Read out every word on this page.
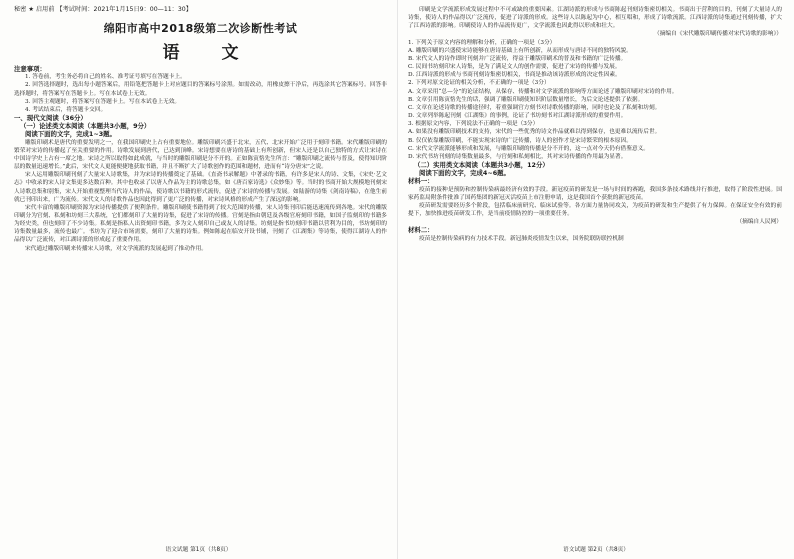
秘密 ★ 启用前 【考试时间：2021年1月15日9：00—11：30】
绵阳市高中2018级第二次诊断性考试
语 文
注意事项：

1. 答卷前，考生务必将自己的姓名、准考证号填写在答题卡上。

2. 回答选择题时，选出每小题答案后，用铅笔把答题卡上对应题目的答案标号涂黑。如需改动，用橡皮擦干净后，再选涂其它答案标号。回答非选择题时，将答案写在答题卡上。写在本试卷上无效。

3. 回答主观题时，将答案写在答题卡上。写在本试卷上无效。

4. 考试结束后，将答题卡交回。

一、现代文阅读（36分）
（一）论述类文本阅读（本题共3小题，9分）
阅读下面的文字，完成1~3题。

雕版印刷术是唐代的重要发明之一，在我国印刷史上占有重要地位。雕版印刷兴盛于北宋，五代、北宋开始广泛用于刻印书籍。宋代雕版印刷的繁荣对宋诗的传播起了至关重要的作用。诗歌发展到唐代，已达到顶峰。宋诗想要在唐诗的基础上有所创新，但宋人还是以自己独特的方式让宋诗在中国诗学史上占有一席之地。宋诗之所以取得如此成就，与当时的雕版印刷是分不开的。正如陈寅恪先生所言：“雕版印刷之流传与普及，使得知识阶层的数量迅速增长。”此后，宋代文人更能便捷地获取书籍，并且不断扩大了诗歌创作的范围和题材，进而有“诗分唐宋”之说。

宋人运用雕版印刷刊刻了大量宋人诗歌集，并为宋诗的传播奠定了基础。《直斋书录解题》中著录的书籍，有许多是宋人的诗、文集，《宋史·艺文志》中收录的宋人诗文集更多达数百种。其中也收录了以唐人作品为主的诗歌总集，如《唐百家诗选》《众妙集》等。当时的书商开始大规模地刊刻宋人诗歌总集和别集，宋人开始重视整理当代诗人的作品，使诗歌以书籍的形式流传，促进了宋诗的传播与发展。如陆游的诗集《剑南诗稿》，在他生前就已刊印出来，广为流传。宋代文人的诗歌作品也因此得到了更广泛的传播，对宋诗风格的形成产生了深远的影响。

宋代丰富的雕版印刷资源为宋诗传播提供了便利条件。雕版印刷使书籍得到了较大范围的传播，宋人诗集刊印后能迅速流传到各地。宋代的雕版印刷分为官刻、私刻和坊刻三大系统，它们都刻印了大量的诗集，促进了宋诗的传播。官刻是指由朝廷及各级官府刻印书籍，如国子监刻印的书籍多为经史类，但也刻印了不少诗集。私刻是指私人出资刻印书籍，多为文人刻印自己或友人的诗集。坊刻是指书坊刻印书籍以营利为目的，书坊刻印的诗集数量最多，流传也最广。书坊为了迎合市场需要，刻印了大量的诗集。例如陈起在临安开设书铺，刊刻了《江湖集》等诗集，使得江湖诗人的作品得以广泛流传，对江湖诗派的形成起了重要作用。

宋代通过雕版印刷来传播宋人诗歌，对文学流派的发展起到了推动作用。

语文试题 第1页（共8页）

印刷是文学流派形成发展过程中不可或缺的重要因素。江湖诗派的形成与书商陈起刊刻诗集密切相关。书商出于营利的目的，刊刻了大量诗人的诗集，使诗人的作品得以广泛流传，促进了诗派的形成。这些诗人以陈起为中心，相互唱和，形成了诗歌流派。江西诗派的诗集通过刊刻传播，扩大了江西诗派的影响。印刷使诗人的作品流传更广，文学流派也因此得以形成和壮大。

（摘编自《宋代雕版印刷传播对宋代诗歌的影响》）

1. 下列关于原文内容的理解和分析，正确的一项是（3分）

A. 雕版印刷的兴盛使宋诗能够在唐诗基础上有所创新，从而形成与唐诗不同的独特风貌。

B. 宋代文人的诗作即时刊刻并广泛流传，得益于雕版印刷术的普及和书籍的广泛传播。

C. 民间书坊刻印宋人诗集，是为了满足文人的创作需要，促进了宋诗的传播与发展。

D. 江西诗派的形成与书商刊刻诗集密切相关，书商是推动该诗派形成的决定性因素。

2. 下列对原文论证的相关分析，不正确的一项是（3分）

A. 文章采用“总—分”的论证结构，从保存、传播和对文学流派的影响等方面论述了雕版印刷对宋诗的作用。

B. 文章引用陈寅恪先生的话，强调了雕版印刷使知识阶层数量增长，为后文论述提供了依据。

C. 文章在论述诗歌的传播途径时，着重强调官方刻书对诗歌传播的影响，同时也论及了私刻和坊刻。

D. 文章列举陈起刊刻《江湖集》的事例，论证了书坊刻书对江湖诗派形成的重要作用。

3. 根据原文内容，下列说法不正确的一项是（3分）

A. 如果没有雕版印刷技术的支持，宋代的一些优秀的诗文作品就难以得到保存，也更难以流传后世。

B. 仅仅依靠雕版印刷，不能实现宋诗的广泛传播，诗人的创作才是宋诗繁荣的根本原因。

C. 宋代文学流派能够形成和发展，与雕版印刷的传播是分不开的，这一点对今天仍有借鉴意义。

D. 宋代书坊刊刻的诗集数量最多，与官刻和私刻相比，其对宋诗传播的作用最为显著。

（二）实用类文本阅读（本题共3小题，12分）
阅读下面的文字，完成4~6题。
材料一：

疫苗的接种是预防和控制传染病最经济有效的手段。新冠疫苗的研发是一场与时间的赛跑，我国多条技术路线并行推进，取得了阶段性进展。国家药监局附条件批准了国药集团的新冠灭活疫苗上市注册申请，这是我国首个获批的新冠疫苗。

疫苗研发需要经历多个阶段，包括临床前研究、临床试验等。各方面力量协同攻关，为疫苗的研发和生产提供了有力保障。在保证安全有效的前提下，加快推进疫苗研发工作，是当前疫情防控的一项重要任务。

（摘编自人民网）

材料二：

疫苗是控制传染病的有力技术手段。新冠肺炎疫情发生以来，国务院联防联控机制

语文试题 第2页（共8页）
